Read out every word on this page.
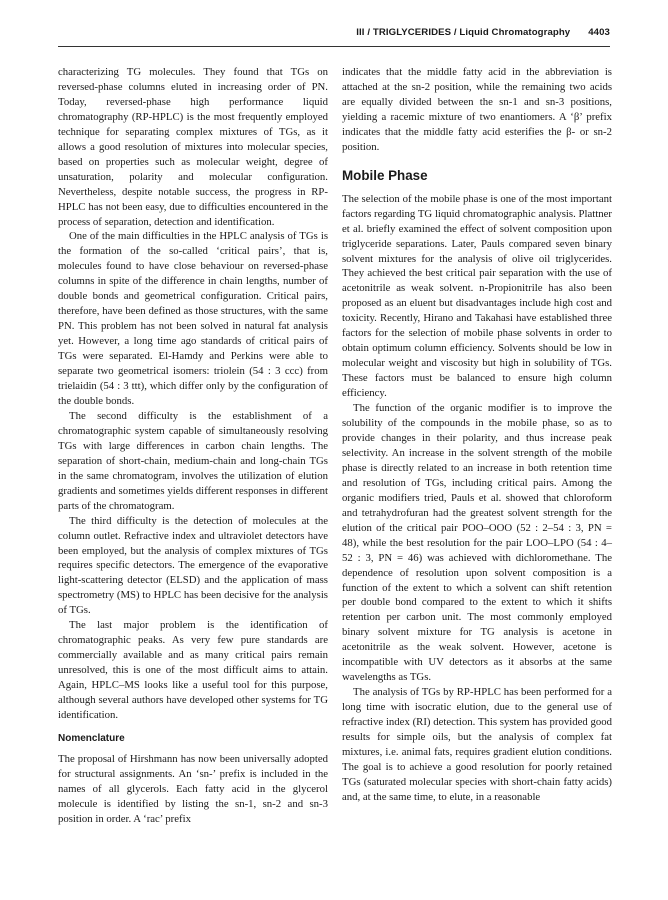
III / TRIGLYCERIDES / Liquid Chromatography 4403

characterizing TG molecules. They found that TGs on reversed-phase columns eluted in increasing order of PN. Today, reversed-phase high performance liquid chromatography (RP-HPLC) is the most frequently employed technique for separating complex mixtures of TGs, as it allows a good resolution of mixtures into molecular species, based on properties such as molecular weight, degree of unsaturation, polarity and molecular configuration. Nevertheless, despite notable success, the progress in RP-HPLC has not been easy, due to difficulties encountered in the process of separation, detection and identification.

One of the main difficulties in the HPLC analysis of TGs is the formation of the so-called ‘critical pairs’, that is, molecules found to have close behaviour on reversed-phase columns in spite of the difference in chain lengths, number of double bonds and geometrical configuration. Critical pairs, therefore, have been defined as those structures, with the same PN. This problem has not been solved in natural fat analysis yet. However, a long time ago standards of critical pairs of TGs were separated. El-Hamdy and Perkins were able to separate two geometrical isomers: triolein (54 : 3 ccc) from trielaidin (54 : 3 ttt), which differ only by the configuration of the double bonds.

The second difficulty is the establishment of a chromatographic system capable of simultaneously resolving TGs with large differences in carbon chain lengths. The separation of short-chain, medium-chain and long-chain TGs in the same chromatogram, involves the utilization of elution gradients and sometimes yields different responses in different parts of the chromatogram.

The third difficulty is the detection of molecules at the column outlet. Refractive index and ultraviolet detectors have been employed, but the analysis of complex mixtures of TGs requires specific detectors. The emergence of the evaporative light-scattering detector (ELSD) and the application of mass spectrometry (MS) to HPLC has been decisive for the analysis of TGs.

The last major problem is the identification of chromatographic peaks. As very few pure standards are commercially available and as many critical pairs remain unresolved, this is one of the most difficult aims to attain. Again, HPLC–MS looks like a useful tool for this purpose, although several authors have developed other systems for TG identification.

Nomenclature

The proposal of Hirshmann has now been universally adopted for structural assignments. An ‘sn-’ prefix is included in the names of all glycerols. Each fatty acid in the glycerol molecule is identified by listing the sn-1, sn-2 and sn-3 position in order. A ‘rac’ prefix

indicates that the middle fatty acid in the abbreviation is attached at the sn-2 position, while the remaining two acids are equally divided between the sn-1 and sn-3 positions, yielding a racemic mixture of two enantiomers. A ‘β’ prefix indicates that the middle fatty acid esterifies the β- or sn-2 position.

Mobile Phase

The selection of the mobile phase is one of the most important factors regarding TG liquid chromatographic analysis. Plattner et al. briefly examined the effect of solvent composition upon triglyceride separations. Later, Pauls compared seven binary solvent mixtures for the analysis of olive oil triglycerides. They achieved the best critical pair separation with the use of acetonitrile as weak solvent. n-Propionitrile has also been proposed as an eluent but disadvantages include high cost and toxicity. Recently, Hirano and Takahasi have established three factors for the selection of mobile phase solvents in order to obtain optimum column efficiency. Solvents should be low in molecular weight and viscosity but high in solubility of TGs. These factors must be balanced to ensure high column efficiency.

The function of the organic modifier is to improve the solubility of the compounds in the mobile phase, so as to provide changes in their polarity, and thus increase peak selectivity. An increase in the solvent strength of the mobile phase is directly related to an increase in both retention time and resolution of TGs, including critical pairs. Among the organic modifiers tried, Pauls et al. showed that chloroform and tetrahydrofuran had the greatest solvent strength for the elution of the critical pair POO–OOO (52 : 2–54 : 3, PN = 48), while the best resolution for the pair LOO–LPO (54 : 4–52 : 3, PN = 46) was achieved with dichloromethane. The dependence of resolution upon solvent composition is a function of the extent to which a solvent can shift retention per double bond compared to the extent to which it shifts retention per carbon unit. The most commonly employed binary solvent mixture for TG analysis is acetone in acetonitrile as the weak solvent. However, acetone is incompatible with UV detectors as it absorbs at the same wavelengths as TGs.

The analysis of TGs by RP-HPLC has been performed for a long time with isocratic elution, due to the general use of refractive index (RI) detection. This system has provided good results for simple oils, but the analysis of complex fat mixtures, i.e. animal fats, requires gradient elution conditions. The goal is to achieve a good resolution for poorly retained TGs (saturated molecular species with short-chain fatty acids) and, at the same time, to elute, in a reasonable
